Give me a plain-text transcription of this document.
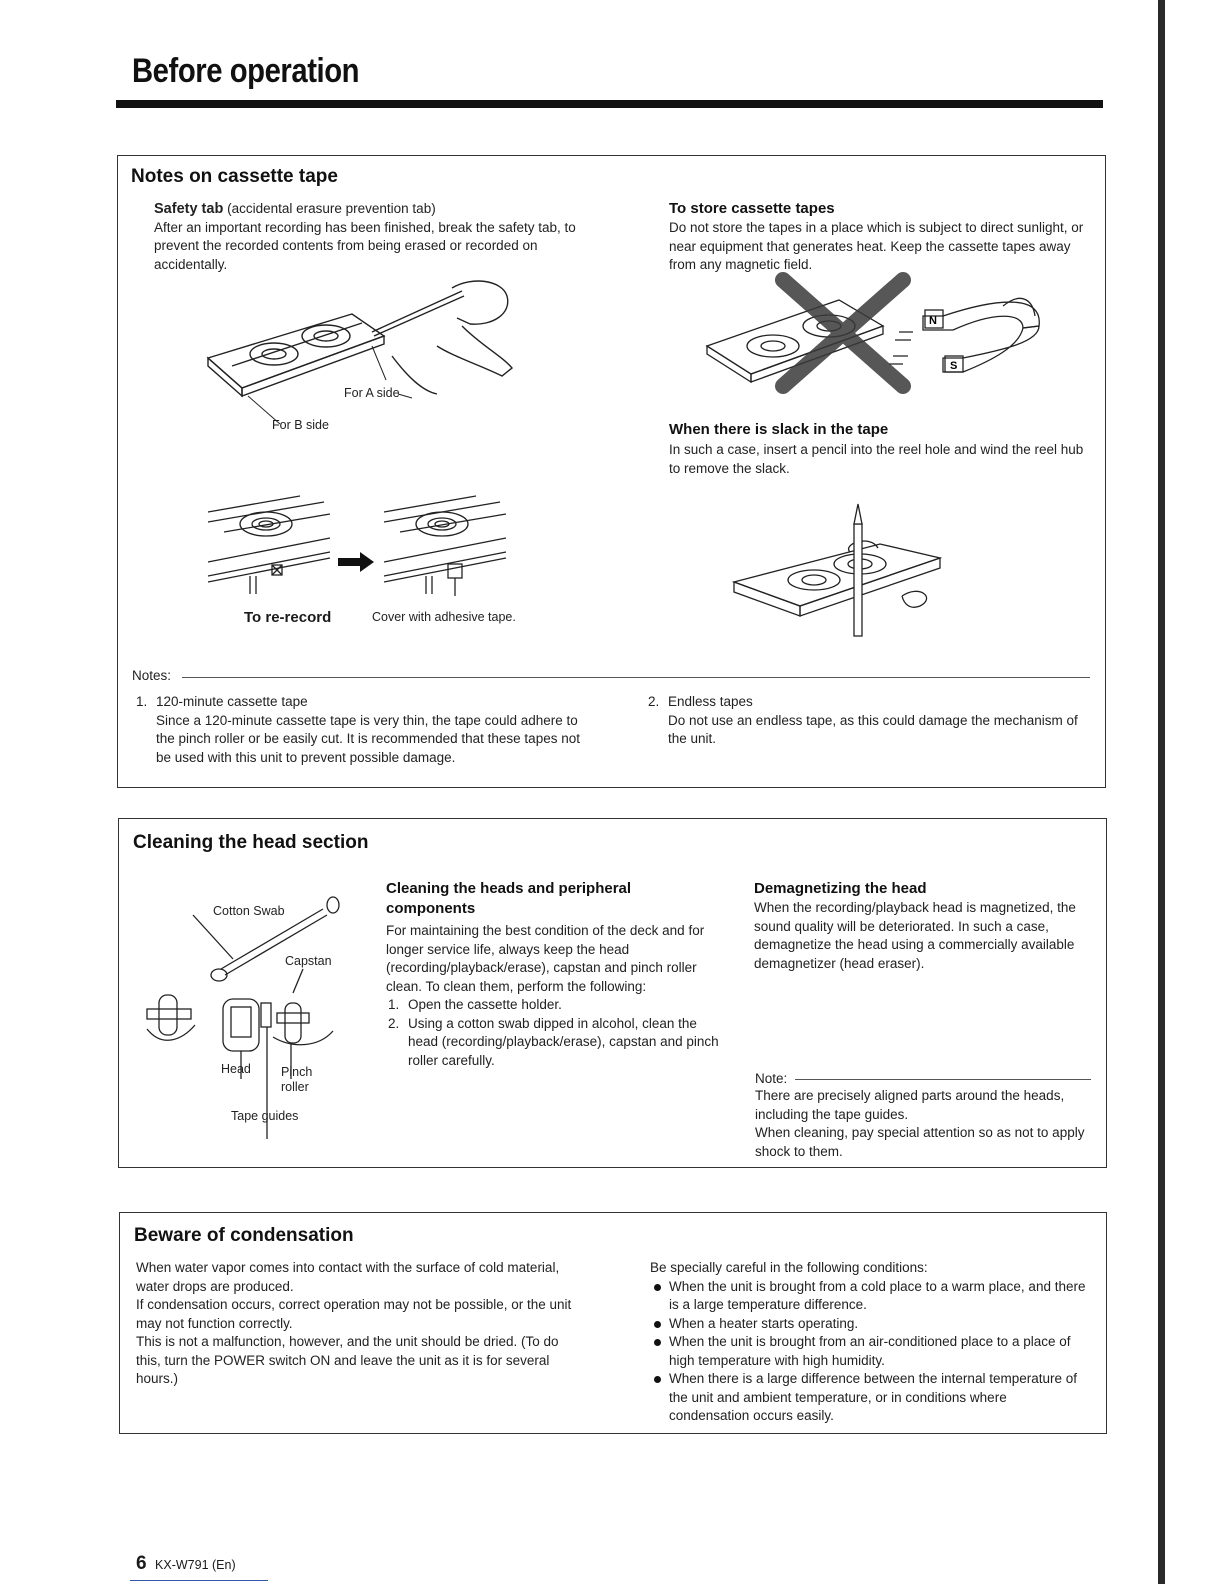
Before operation
Notes on cassette tape

Safety tab (accidental erasure prevention tab)

After an important recording has been finished, break the safety tab, to prevent the recorded contents from being erased or recorded on accidentally.

For A side
For B side
To re-record	Cover with adhesive tape.

To store cassette tapes

Do not store the tapes in a place which is subject to direct sunlight, or near equipment that generates heat. Keep the cassette tapes away from any magnetic field.

N
S

When there is slack in the tape

In such a case, insert a pencil into the reel hole and wind the reel hub to remove the slack.

Notes:
1. 120-minute cassette tape
Since a 120-minute cassette tape is very thin, the tape could adhere to the pinch roller or be easily cut. It is recommended that these tapes not be used with this unit to prevent possible damage.
2. Endless tapes
Do not use an endless tape, as this could damage the mechanism of the unit.
Cleaning the head section
Cotton Swab
Capstan
Head Pinch roller
Tape guides

Cleaning the heads and peripheral components

For maintaining the best condition of the deck and for longer service life, always keep the head (recording/playback/erase), capstan and pinch roller clean. To clean them, perform the following:

1. Open the cassette holder.
2. Using a cotton swab dipped in alcohol, clean the head (recording/playback/erase), capstan and pinch roller carefully.

Demagnetizing the head

When the recording/playback head is magnetized, the sound quality will be deteriorated. In such a case, demagnetize the head using a commercially available demagnetizer (head eraser).

Note:

There are precisely aligned parts around the heads, including the tape guides.

When cleaning, pay special attention so as not to apply shock to them.

Beware of condensation

When water vapor comes into contact with the surface of cold material, water drops are produced.

If condensation occurs, correct operation may not be possible, or the unit may not function correctly.

This is not a malfunction, however, and the unit should be dried. (To do this, turn the POWER switch ON and leave the unit as it is for several hours.)

Be specially careful in the following conditions:

When the unit is brought from a cold place to a warm place, and there is a large temperature difference.
When a heater starts operating.
When the unit is brought from an air-conditioned place to a place of high temperature with high humidity.
When there is a large difference between the internal temperature of the unit and ambient temperature, or in conditions where condensation occurs easily.
6 KX-W791 (En)
